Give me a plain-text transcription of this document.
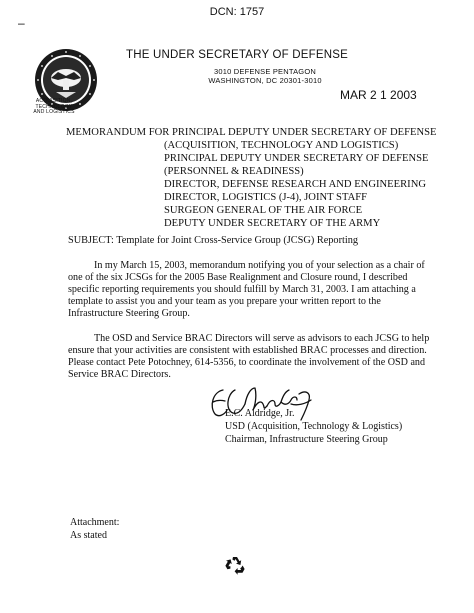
–
DCN: 1757
ACQUISITION,
TECHNOLOGY
AND LOGISTICS
THE UNDER SECRETARY OF DEFENSE
3010 DEFENSE PENTAGON
WASHINGTON, DC 20301-3010
MAR 2 1 2003
MEMORANDUM FOR PRINCIPAL DEPUTY UNDER SECRETARY OF DEFENSE
(ACQUISITION, TECHNOLOGY AND LOGISTICS)
PRINCIPAL DEPUTY UNDER SECRETARY OF DEFENSE
(PERSONNEL & READINESS)
DIRECTOR, DEFENSE RESEARCH AND ENGINEERING
DIRECTOR, LOGISTICS (J-4), JOINT STAFF
SURGEON GENERAL OF THE AIR FORCE
DEPUTY UNDER SECRETARY OF THE ARMY
SUBJECT: Template for Joint Cross-Service Group (JCSG) Reporting
In my March 15, 2003, memorandum notifying you of your selection as a chair of
one of the six JCSGs for the 2005 Base Realignment and Closure round, I described
specific reporting requirements you should fulfill by March 31, 2003. I am attaching a
template to assist you and your team as you prepare your written report to the
Infrastructure Steering Group.
The OSD and Service BRAC Directors will serve as advisors to each JCSG to help
ensure that your activities are consistent with established BRAC processes and direction.
Please contact Pete Potochney, 614-5356, to coordinate the involvement of the OSD and
Service BRAC Directors.
E.C. Aldridge, Jr.
USD (Acquisition, Technology & Logistics)
Chairman, Infrastructure Steering Group
Attachment:
As stated
